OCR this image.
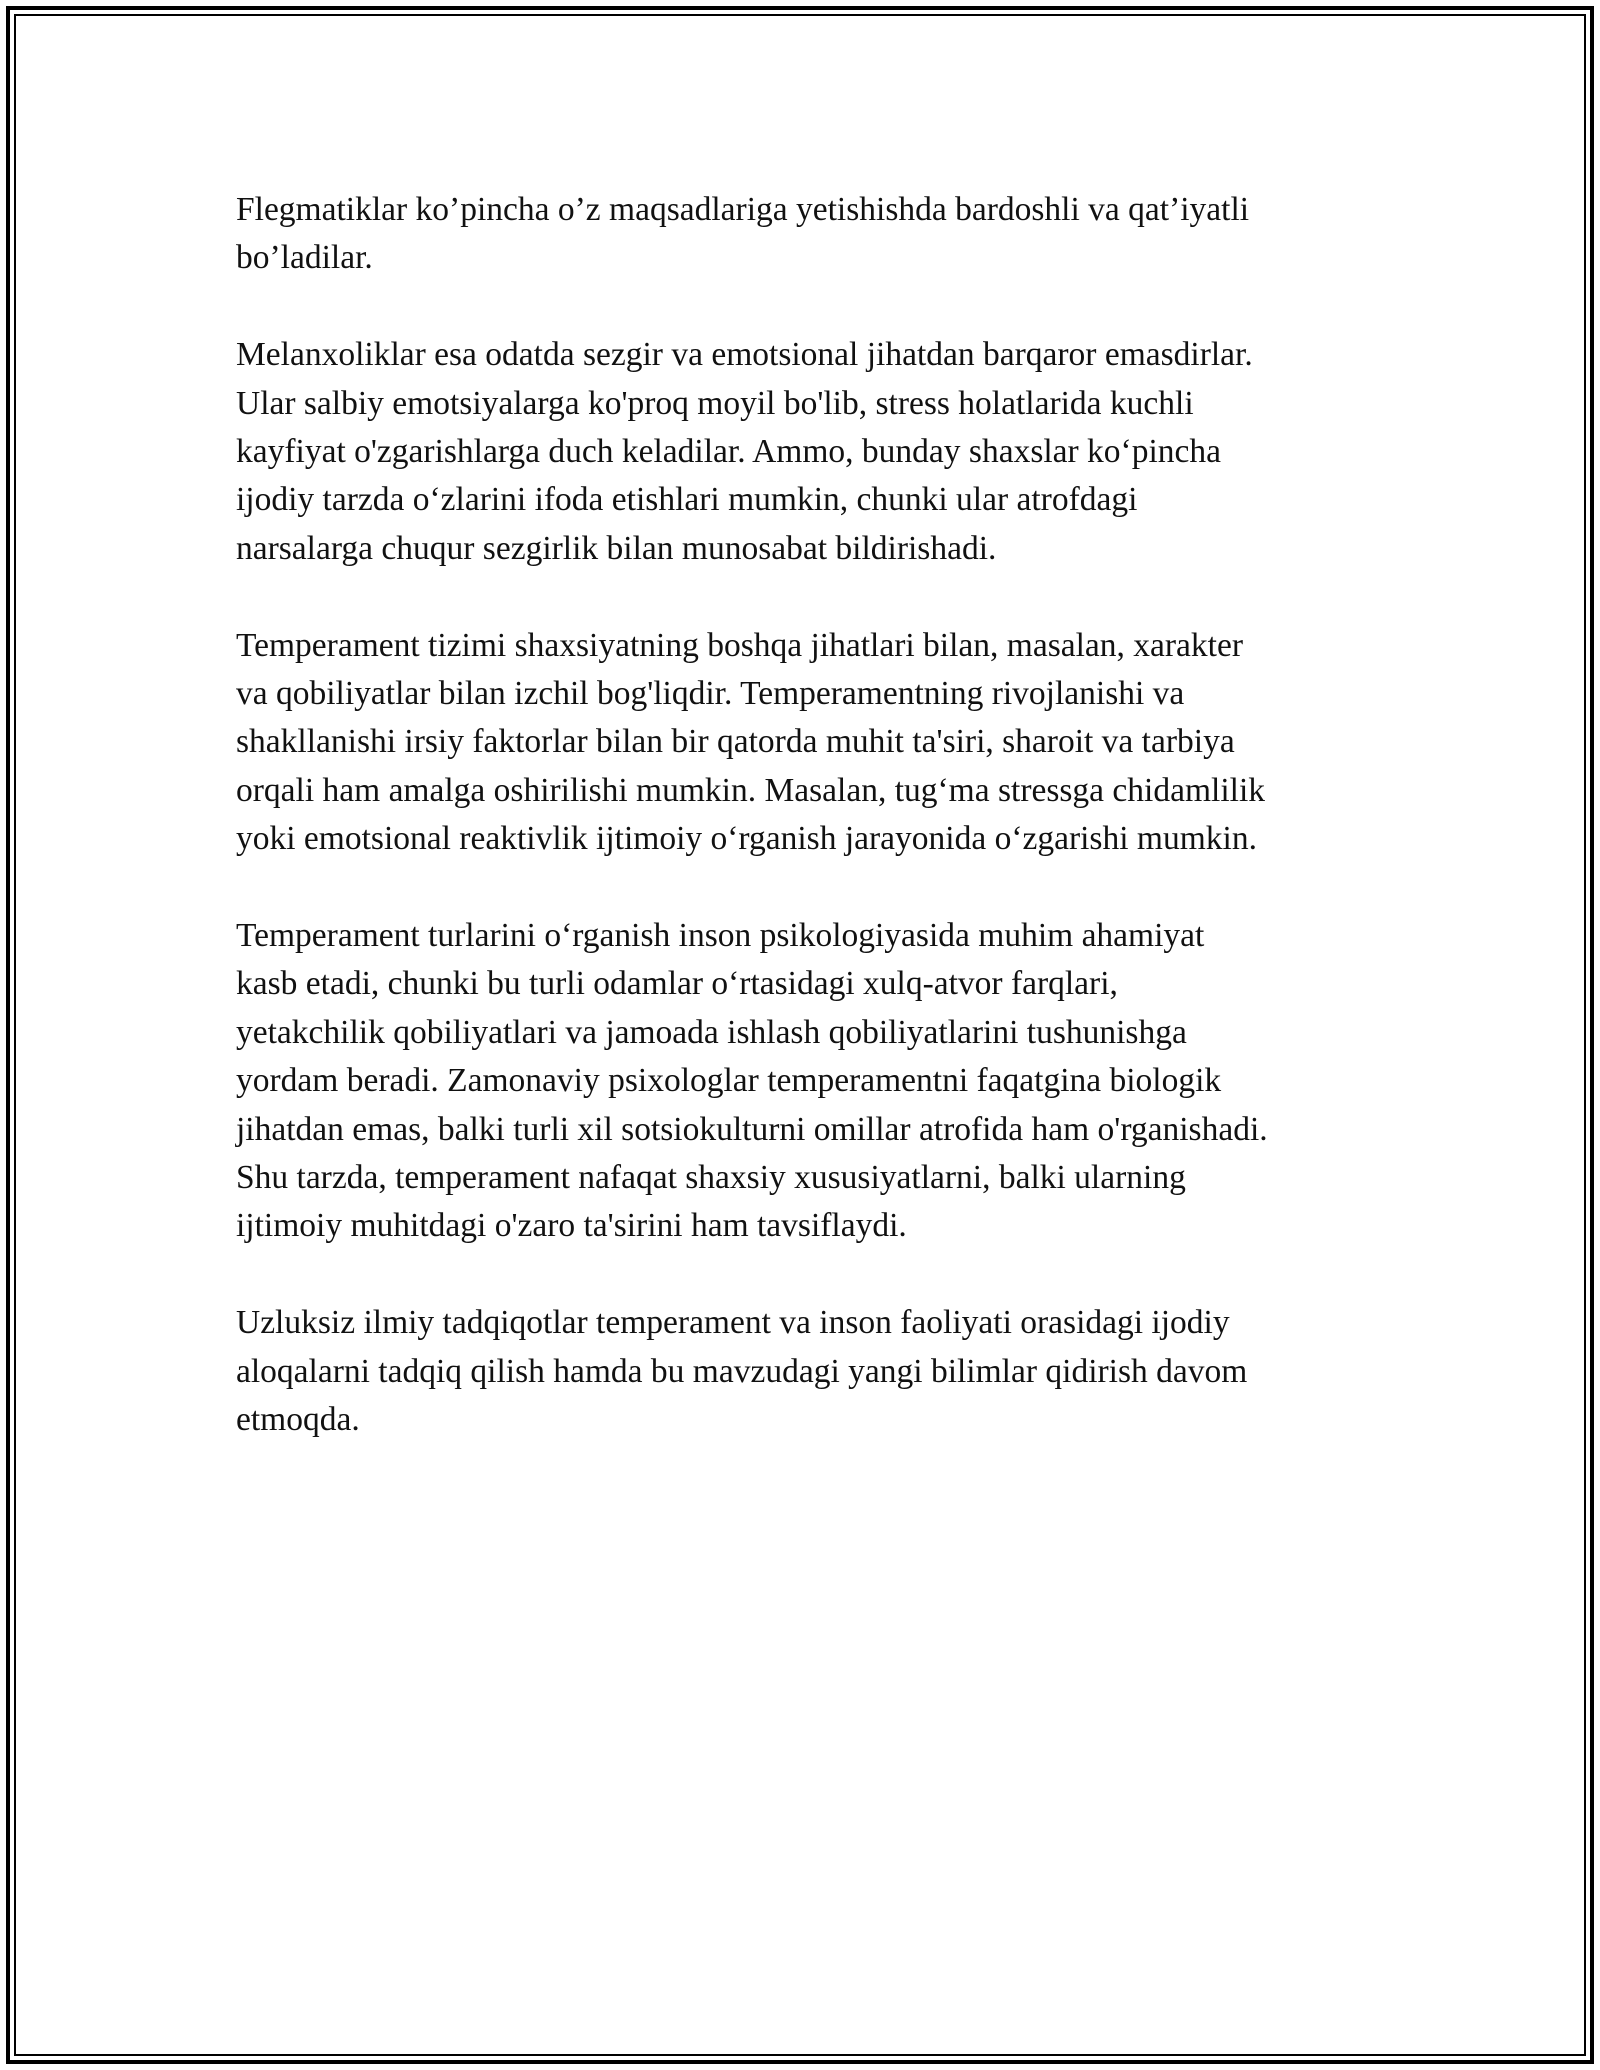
Flegmatiklar ko’pincha o’z maqsadlariga yetishishda bardoshli va qat’iyatli
bo’ladilar.

Melanxoliklar esa odatda sezgir va emotsional jihatdan barqaror emasdirlar.
Ular salbiy emotsiyalarga ko'proq moyil bo'lib, stress holatlarida kuchli
kayfiyat o'zgarishlarga duch keladilar. Ammo, bunday shaxslar ko‘pincha
ijodiy tarzda o‘zlarini ifoda etishlari mumkin, chunki ular atrofdagi
narsalarga chuqur sezgirlik bilan munosabat bildirishadi.

Temperament tizimi shaxsiyatning boshqa jihatlari bilan, masalan, xarakter
va qobiliyatlar bilan izchil bog'liqdir. Temperamentning rivojlanishi va
shakllanishi irsiy faktorlar bilan bir qatorda muhit ta'siri, sharoit va tarbiya
orqali ham amalga oshirilishi mumkin. Masalan, tug‘ma stressga chidamlilik
yoki emotsional reaktivlik ijtimoiy o‘rganish jarayonida o‘zgarishi mumkin.

Temperament turlarini o‘rganish inson psikologiyasida muhim ahamiyat
kasb etadi, chunki bu turli odamlar o‘rtasidagi xulq-atvor farqlari,
yetakchilik qobiliyatlari va jamoada ishlash qobiliyatlarini tushunishga
yordam beradi. Zamonaviy psixologlar temperamentni faqatgina biologik
jihatdan emas, balki turli xil sotsiokulturni omillar atrofida ham o'rganishadi.
Shu tarzda, temperament nafaqat shaxsiy xususiyatlarni, balki ularning
ijtimoiy muhitdagi o'zaro ta'sirini ham tavsiflaydi.

Uzluksiz ilmiy tadqiqotlar temperament va inson faoliyati orasidagi ijodiy
aloqalarni tadqiq qilish hamda bu mavzudagi yangi bilimlar qidirish davom
etmoqda.
